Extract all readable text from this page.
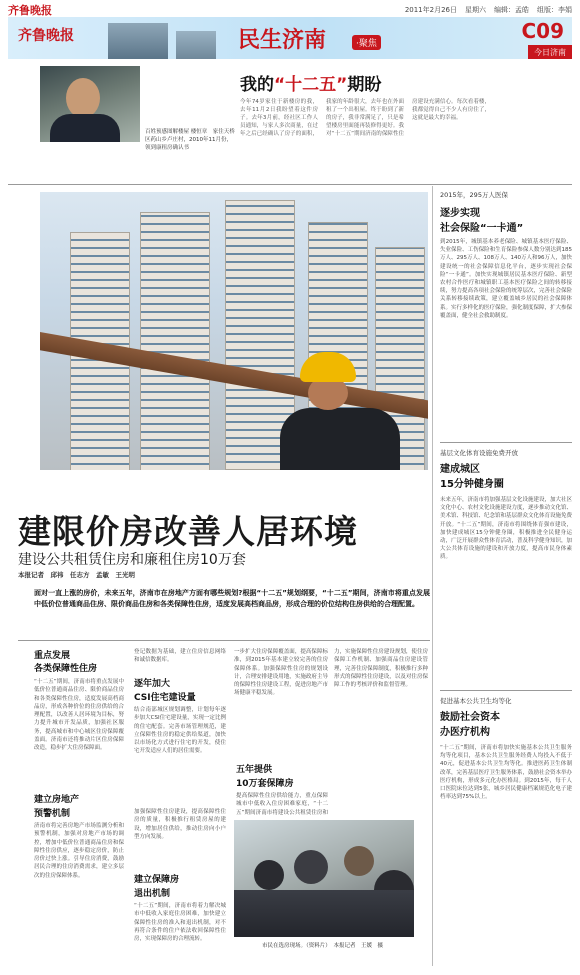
齐鲁晚报	2011年2月26日 星期六 编辑：孟皓 组版：李娟
齐鲁晚报	民生济南	·聚焦
C09
今日济南
百姓预感图解楼屋 楼恒章　家住天桥区药山乡卢庄村，2010年11月份，领到康租房确认书
我的“十二五”期盼
今年74岁家住于新楼房的我，去年11月2日我盼望着这件房子。去年3月前，经社区工作人员通知，与家人多次商量，在过年之后已经确认了房子的面积，我家的年龄很大，去年也在外面租了一个出租屋。终于盼到了新的房子，我非常满足了，只是希望楼房里面能再装修得更好。我对“十二五”期间济南的保障性住房建设充满信心。每次看着楼，我都觉得自己不少人有房住了，这就是最大的幸福。
2015年，295万人医保
逐步实现
社会保险“一卡通”
到2015年，城镇基本养老保险、城镇基本医疗保险、失业保险、工伤保险和生育保险参保人数分别达到185万人、295万人、108万人、140万人和96万人，加快建设统一的社会保障信息化平台，逐步实现社会保险“一卡通”。加快实现城镇居民基本医疗保险、新型农村合作医疗和城镇职工基本医疗保险之间的转移接续，努力提高各项社会保险的统筹层次，完善社会保险关系转移接续政策，建立覆盖城乡居民的社会保障体系。实行多样化的医疗保险，强化制度保障，扩大参保覆盖面，健全社会救助制度。
基层文化体育设施免费开放
建成城区
15分钟健身圈
未来五年，济南市将加强基层文化设施建设，加大社区文化中心、农村文化设施建设力度，逐步推动文化馆、美术馆、科技馆、纪念馆和基层群众文化体育设施免费开放。“十二五”期间，济南市将围绕体育强市建设，加快建成城区15分钟健身圈，积极推进全民健身运动，广泛开展群众性体育活动，普及科学健身知识，加大公共体育设施的建设和开放力度，提高市民身体素质。
促进基本公共卫生均等化
鼓励社会资本
办医疗机构
“十二五”期间，济南市将加快实施基本公共卫生服务均等化项目，基本公共卫生服务经费人均投入不低于40元，促进基本公共卫生均等化。推进医药卫生体制改革，完善基层医疗卫生服务体系，鼓励社会资本举办医疗机构，形成多元化办医格局。到2015年，每千人口医院床位达到5张，城乡居民健康档案规范化电子建档率达到75%以上。
建限价房改善人居环境
建设公共租赁住房和廉租住房10万套
本报记者　邱祎　任志方　孟敏　王光明
面对一直上涨的房价，未来五年，济南市在房地产方面有哪些规划?根据“十二五”规划纲要，“十二五”期间，济南市将重点发展中低价位普通商品住房、限价商品住房和各类保障性住房，适度发展高档商品房，形成合理的价位结构住房供给的合理配置。
重点发展
各类保障性住房
“十二五”期间，济南市将重点发展中低价位普通商品住房、限价商品住房和各类保障性住房，适度发展高档商品房，形成各种价位的住房供给的合理配置，以改善人居环境为目标，努力提升城市开发品质，加强社区服务，提高城市和中心城区住房保障覆盖面。济南市还将推动片区住房保障改造，稳步扩大住房保障面。
建立房地产
预警机制
济南市将完善房地产市场监测分析和预警机制，加强对房地产市场的调控，增加中低价位普通商品住房和保障性住房供应，逐步稳定房价，防止房价过快上涨。引导住房消费，鼓励居民合理的住房消费需求，建立多层次的住房保障体系。
登记数据为基础，建立住房信息网络和诚信数据库。
逐年加大
CSI住宅建设量
结合南部城区规划调整，计划每年逐步加大CSI住宅建设量，实现一定比例的住宅配套。完善市场管理规范，建立保障性住房的稳定供给渠道，加快以市场化方式进行住宅的开发，使住宅开发适应人们的居住需要。
加强保障性住房建设，提高保障性住房的质量，积极推行租赁房屋的建设，增加居住供给，推动住房向小户型方向发展。
建立保障房
退出机制
“十二五”期间，济南市将着力解决城市中低收入家庭住房困难，加快建立保障性住房的准入和退出机制，对不再符合条件的住户依法收回保障性住房，实现保障房的合理流转。
一步扩大住房保障覆盖面，提高保障标准，到2015年基本建立较完善的住房保障体系。加强保障性住房的规划设计，合理安排建设用地，实施政府主导的保障性住房建设工程，促进房地产市场健康平稳发展。
五年提供
10万套保障房
提高保障性住房供给能力，重点保障城市中低收入住房困难家庭，“十二五”期间济南市将建设公共租赁住房和
力，实施保障性住房建设规划，使住房保障工作机制、加强商品住房建设管理，完善住房保障制度，积极推行多种形式的保障性住房建设，以及对住房保障工作的考核评价和监督管理。
市民在选房现场。（资料片）　本报记者　王媛　摄
